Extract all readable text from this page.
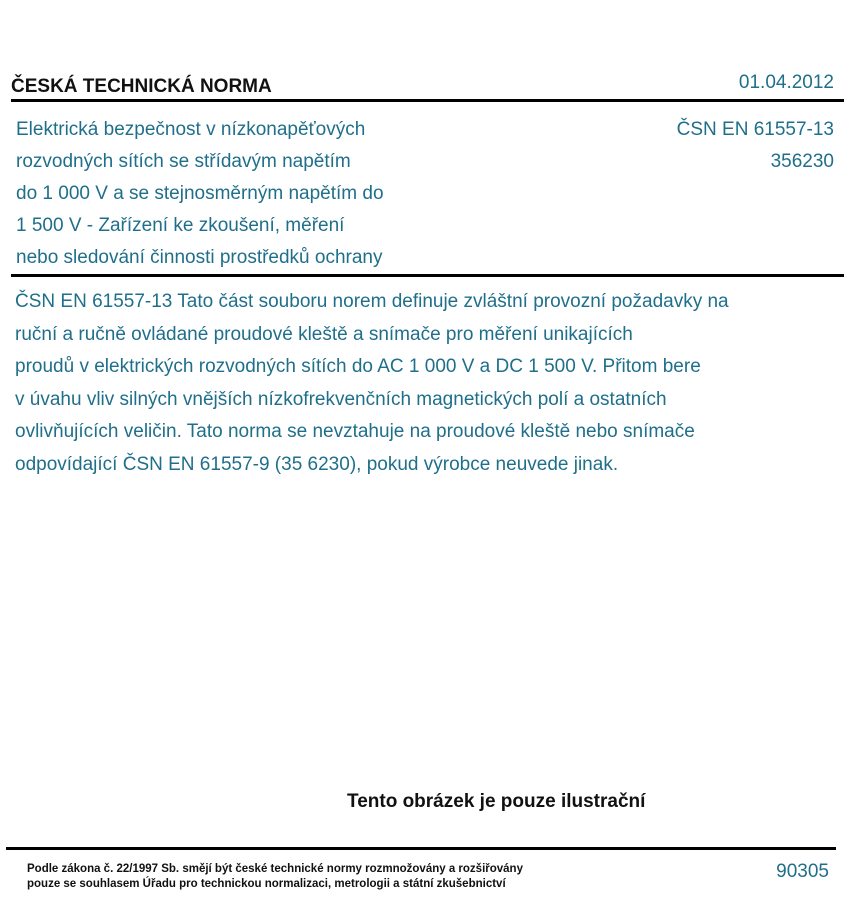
ČESKÁ TECHNICKÁ NORMA	01.04.2012
Elektrická bezpečnost v nízkonapěťových
rozvodných sítích se střídavým napětím
do 1 000 V a se stejnosměrným napětím do
1 500 V - Zařízení ke zkoušení, měření
nebo sledování činnosti prostředků ochrany
ČSN EN 61557-13
356230
ČSN EN 61557-13 Tato část souboru norem definuje zvláštní provozní požadavky na
ruční a ručně ovládané proudové kleště a snímače pro měření unikajících
proudů v elektrických rozvodných sítích do AC 1 000 V a DC 1 500 V. Přitom bere
v úvahu vliv silných vnějších nízkofrekvenčních magnetických polí a ostatních
ovlivňujících veličin. Tato norma se nevztahuje na proudové kleště nebo snímače
odpovídající ČSN EN 61557-9 (35 6230), pokud výrobce neuvede jinak.
Tento obrázek je pouze ilustrační
Podle zákona č. 22/1997 Sb. smějí být české technické normy rozmnožovány a rozšiřovány
pouze se souhlasem Úřadu pro technickou normalizaci, metrologii a státní zkušebnictví
90305
